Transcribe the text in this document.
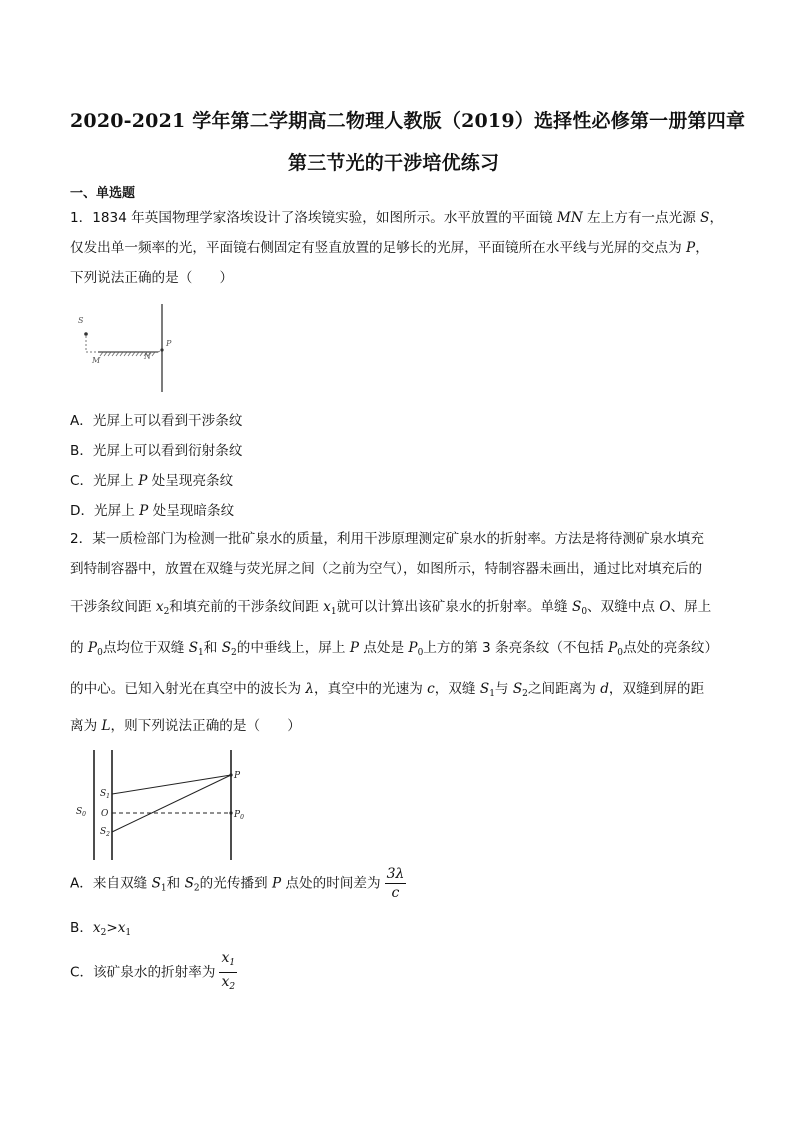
2020-2021 学年第二学期高二物理人教版（2019）选择性必修第一册第四章
第三节光的干涉培优练习
一、单选题
1．1834 年英国物理学家洛埃设计了洛埃镜实验，如图所示。水平放置的平面镜 MN 左上方有一点光源 S，
仅发出单一频率的光，平面镜右侧固定有竖直放置的足够长的光屏，平面镜所在水平线与光屏的交点为 P，
下列说法正确的是（　　）
S
M	N
P
A．光屏上可以看到干涉条纹
B．光屏上可以看到衍射条纹
C．光屏上 P 处呈现亮条纹
D．光屏上 P 处呈现暗条纹
2．某一质检部门为检测一批矿泉水的质量，利用干涉原理测定矿泉水的折射率。方法是将待测矿泉水填充
到特制容器中，放置在双缝与荧光屏之间（之前为空气），如图所示，特制容器未画出，通过比对填充后的
干涉条纹间距 $x_2$和填充前的干涉条纹间距 $x_1$就可以计算出该矿泉水的折射率。单缝 $S_0$、双缝中点 O、屏上
的 $P_0$点均位于双缝 $S_1$和 $S_2$的中垂线上，屏上 P 点处是 $P_0$上方的第 3 条亮条纹（不包括 $P_0$点处的亮条纹）
的中心。已知入射光在真空中的波长为 λ，真空中的光速为 c，双缝 $S_1$与 $S_2$之间距离为 d，双缝到屏的距
离为 L，则下列说法正确的是（　　）
$S_0$
$S_1$
O
$S_2$
P
$P_0$
A．来自双缝 $S_1$和 $S_2$的光传播到 P 点处的时间差为 $\frac{3\lambda}{c}$
B．$x_2>x_1$
C．该矿泉水的折射率为 $\frac{x_1}{x_2}$
